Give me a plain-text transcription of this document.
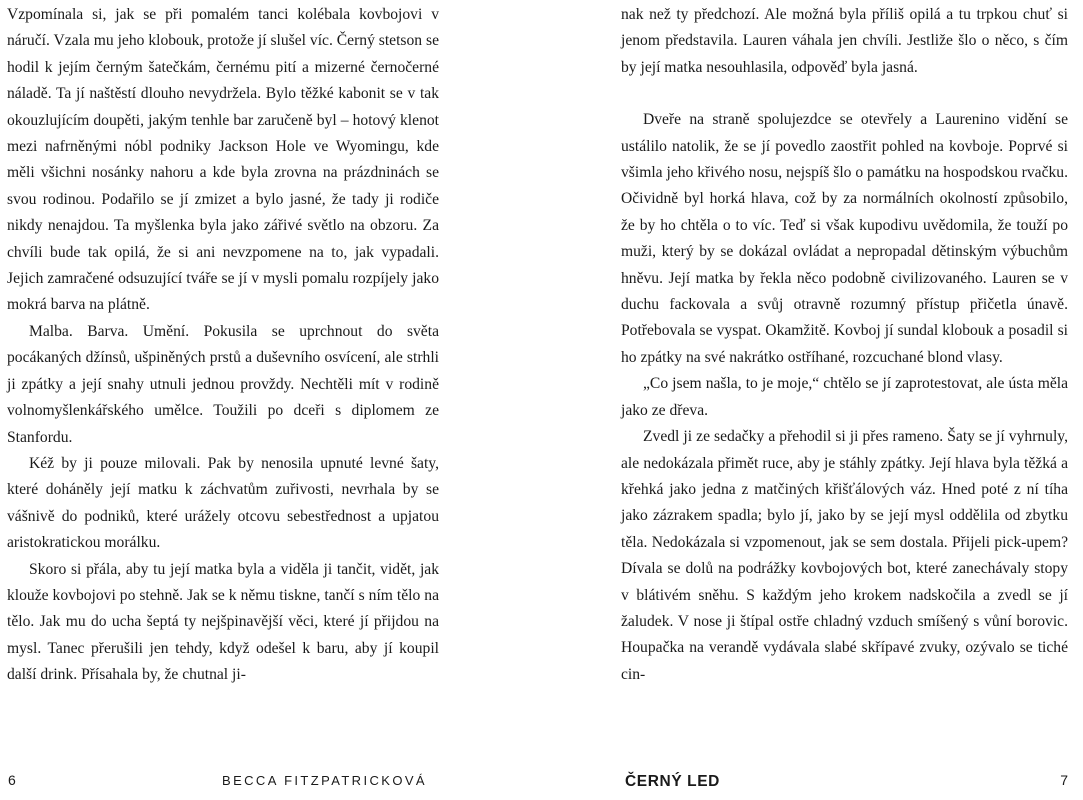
Vzpomínala si, jak se při pomalém tanci kolébala kovbojovi v náručí. Vzala mu jeho klobouk, protože jí slušel víc. Černý stetson se hodil k jejím černým šatečkám, černému pití a mizerné černočerné náladě. Ta jí naštěstí dlouho nevydržela. Bylo těžké kabonit se v tak okouzlujícím doupěti, jakým tenhle bar zaručeně byl – hotový klenot mezi nafrněnými nóbl podniky Jackson Hole ve Wyomingu, kde měli všichni nosánky nahoru a kde byla zrovna na prázdninách se svou rodinou. Podařilo se jí zmizet a bylo jasné, že tady ji rodiče nikdy nenajdou. Ta myšlenka byla jako zářivé světlo na obzoru. Za chvíli bude tak opilá, že si ani nevzpomene na to, jak vypadali. Jejich zamračené odsuzující tváře se jí v mysli pomalu rozpíjely jako mokrá barva na plátně.

Malba. Barva. Umění. Pokusila se uprchnout do světa pocákaných džínsů, ušpiněných prstů a duševního osvícení, ale strhli ji zpátky a její snahy utnuli jednou provždy. Nechtěli mít v rodině volnomyšlenkářského umělce. Toužili po dceři s diplomem ze Stanfordu.

Kéž by ji pouze milovali. Pak by nenosila upnuté levné šaty, které doháněly její matku k záchvatům zuřivosti, nevrhala by se vášnivě do podniků, které urážely otcovu sebestřednost a upjatou aristokratickou morálku.

Skoro si přála, aby tu její matka byla a viděla ji tančit, vidět, jak klouže kovbojovi po stehně. Jak se k němu tiskne, tančí s ním tělo na tělo. Jak mu do ucha šeptá ty nejšpinavější věci, které jí přijdou na mysl. Tanec přerušili jen tehdy, když odešel k baru, aby jí koupil další drink. Přísahala by, že chutnal ji-

6	BECCA FITZPATRICKOVÁ

nak než ty předchozí. Ale možná byla příliš opilá a tu trpkou chuť si jenom představila. Lauren váhala jen chvíli. Jestliže šlo o něco, s čím by její matka nesouhlasila, odpověď byla jasná.

Dveře na straně spolujezdce se otevřely a Laurenino vidění se ustálilo natolik, že se jí povedlo zaostřit pohled na kovboje. Poprvé si všimla jeho křivého nosu, nejspíš šlo o památku na hospodskou rvačku. Očividně byl horká hlava, což by za normálních okolností způsobilo, že by ho chtěla o to víc. Teď si však kupodivu uvědomila, že touží po muži, který by se dokázal ovládat a nepropadal dětinským výbuchům hněvu. Její matka by řekla něco podobně civilizovaného. Lauren se v duchu fackovala a svůj otravně rozumný přístup přičetla únavě. Potřebovala se vyspat. Okamžitě. Kovboj jí sundal klobouk a posadil si ho zpátky na své nakrátko ostříhané, rozcuchané blond vlasy.

„Co jsem našla, to je moje,“ chtělo se jí zaprotestovat, ale ústa měla jako ze dřeva.

Zvedl ji ze sedačky a přehodil si ji přes rameno. Šaty se jí vyhrnuly, ale nedokázala přimět ruce, aby je stáhly zpátky. Její hlava byla těžká a křehká jako jedna z matčiných křišťálových váz. Hned poté z ní tíha jako zázrakem spadla; bylo jí, jako by se její mysl oddělila od zbytku těla. Nedokázala si vzpomenout, jak se sem dostala. Přijeli pick-upem? Dívala se dolů na podrážky kovbojových bot, které zanechávaly stopy v blátivém sněhu. S každým jeho krokem nadskočila a zvedl se jí žaludek. V nose ji štípal ostře chladný vzduch smíšený s vůní borovic. Houpačka na verandě vydávala slabé skřípavé zvuky, ozývalo se tiché cin-

ČERNÝ LED	7
